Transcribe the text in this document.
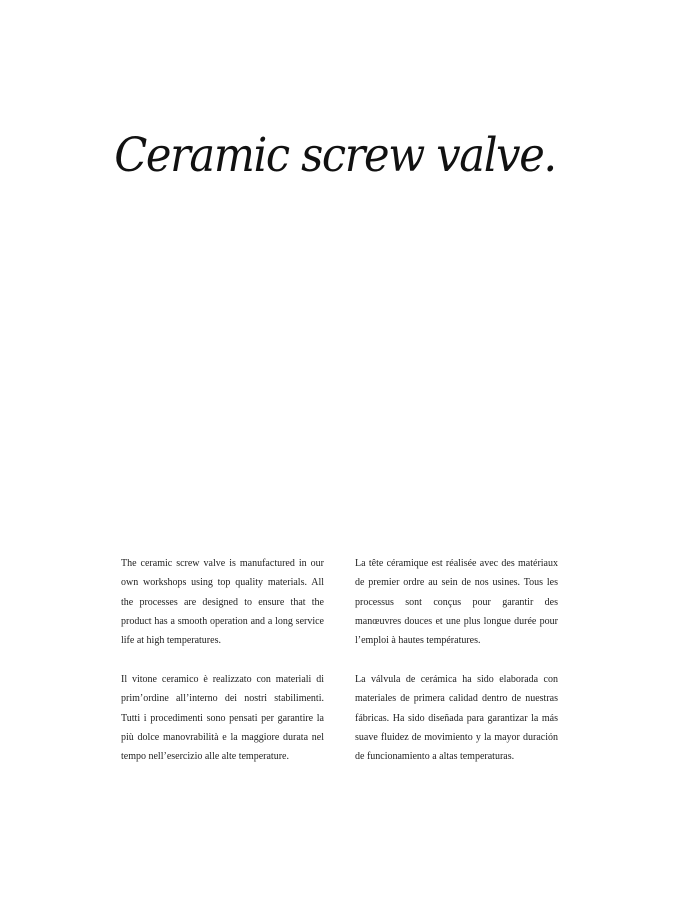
Ceramic screw valve.

The ceramic screw valve is manufactured in our own workshops using top quality materials. All the processes are designed to ensure that the product has a smooth operation and a long service life at high temperatures.

La tête céramique est réalisée avec des matériaux de premier ordre au sein de nos usines. Tous les processus sont conçus pour garantir des manœuvres douces et une plus longue durée pour l’emploi à hautes températures.

Il vitone ceramico è realizzato con materiali di prim’ordine all’interno dei nostri stabilimenti. Tutti i procedimenti sono pensati per garantire la più dolce manovrabilità e la maggiore durata nel tempo nell’esercizio alle alte temperature.

La válvula de cerámica ha sido elaborada con materiales de primera calidad dentro de nuestras fábricas. Ha sido diseñada para garantizar la más suave fluidez de movimiento y la mayor duración de funcionamiento a altas temperaturas.
